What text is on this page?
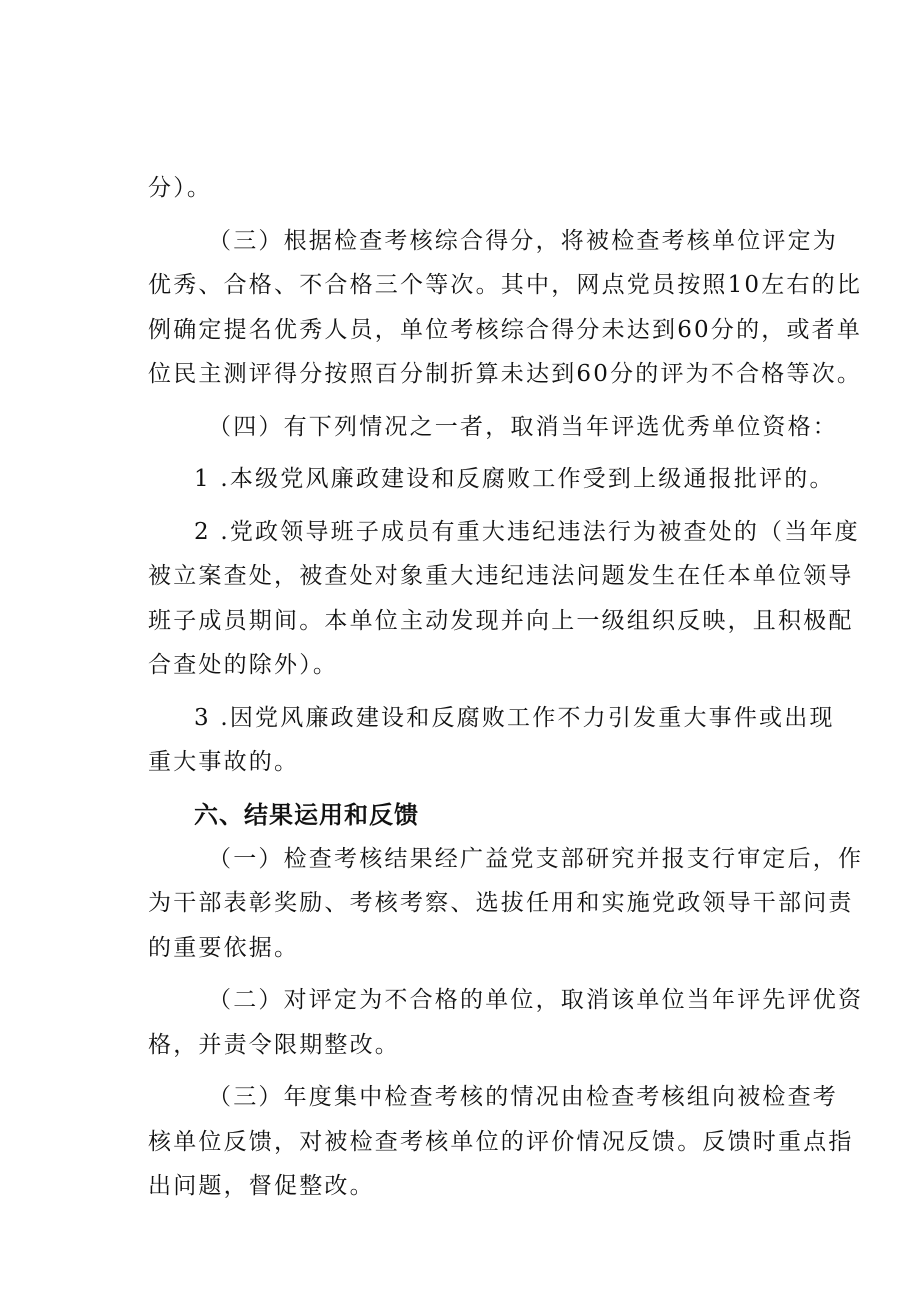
分）。

（三）根据检查考核综合得分，将被检查考核单位评定为

优秀、合格、不合格三个等次。其中，网点党员按照10左右的比

例确定提名优秀人员，单位考核综合得分未达到60分的，或者单

位民主测评得分按照百分制折算未达到60分的评为不合格等次。

（四）有下列情况之一者，取消当年评选优秀单位资格：

1 .本级党风廉政建设和反腐败工作受到上级通报批评的。

2 .党政领导班子成员有重大违纪违法行为被查处的（当年度

被立案查处，被查处对象重大违纪违法问题发生在任本单位领导

班子成员期间。本单位主动发现并向上一级组织反映，且积极配

合查处的除外）。

3 .因党风廉政建设和反腐败工作不力引发重大事件或出现

重大事故的。

六、结果运用和反馈

（一）检查考核结果经广益党支部研究并报支行审定后，作

为干部表彰奖励、考核考察、选拔任用和实施党政领导干部问责

的重要依据。

（二）对评定为不合格的单位，取消该单位当年评先评优资

格，并责令限期整改。

（三）年度集中检查考核的情况由检查考核组向被检查考

核单位反馈，对被检查考核单位的评价情况反馈。反馈时重点指

出问题，督促整改。
